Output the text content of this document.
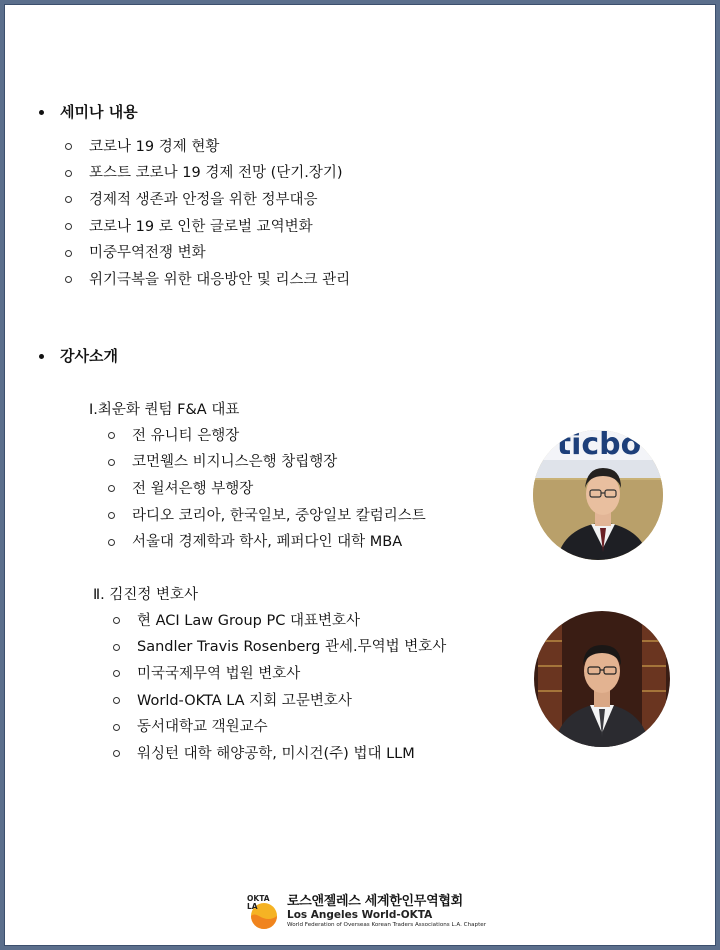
세미나 내용
코로나 19 경제 현황
포스트 코로나 19 경제 전망 (단기.장기)
경제적 생존과 안정을 위한 정부대응
코로나 19 로 인한 글로벌 교역변화
미중무역전쟁 변화
위기극복을 위한 대응방안 및 리스크 관리
강사소개
Ⅰ.최운화 퀀텀 F&A 대표
전 유니티 은행장
코먼웰스 비지니스은행 창립행장
전 윌셔은행 부행장
라디오 코리아, 한국일보, 중앙일보 칼럼리스트
서울대 경제학과 학사, 페퍼다인 대학 MBA
ticbo
Ⅱ. 김진정 변호사
현 ACI Law Group PC 대표변호사
Sandler Travis Rosenberg 관세.무역법 변호사
미국국제무역 법원 변호사
World-OKTA LA 지회 고문변호사
동서대학교 객원교수
워싱턴 대학 해양공학, 미시건(주) 법대 LLM
OKTA
LA 로스앤젤레스 세계한인무역협회
Los Angeles World-OKTA
World Federation of Overseas Korean Traders Associations L.A. Chapter
